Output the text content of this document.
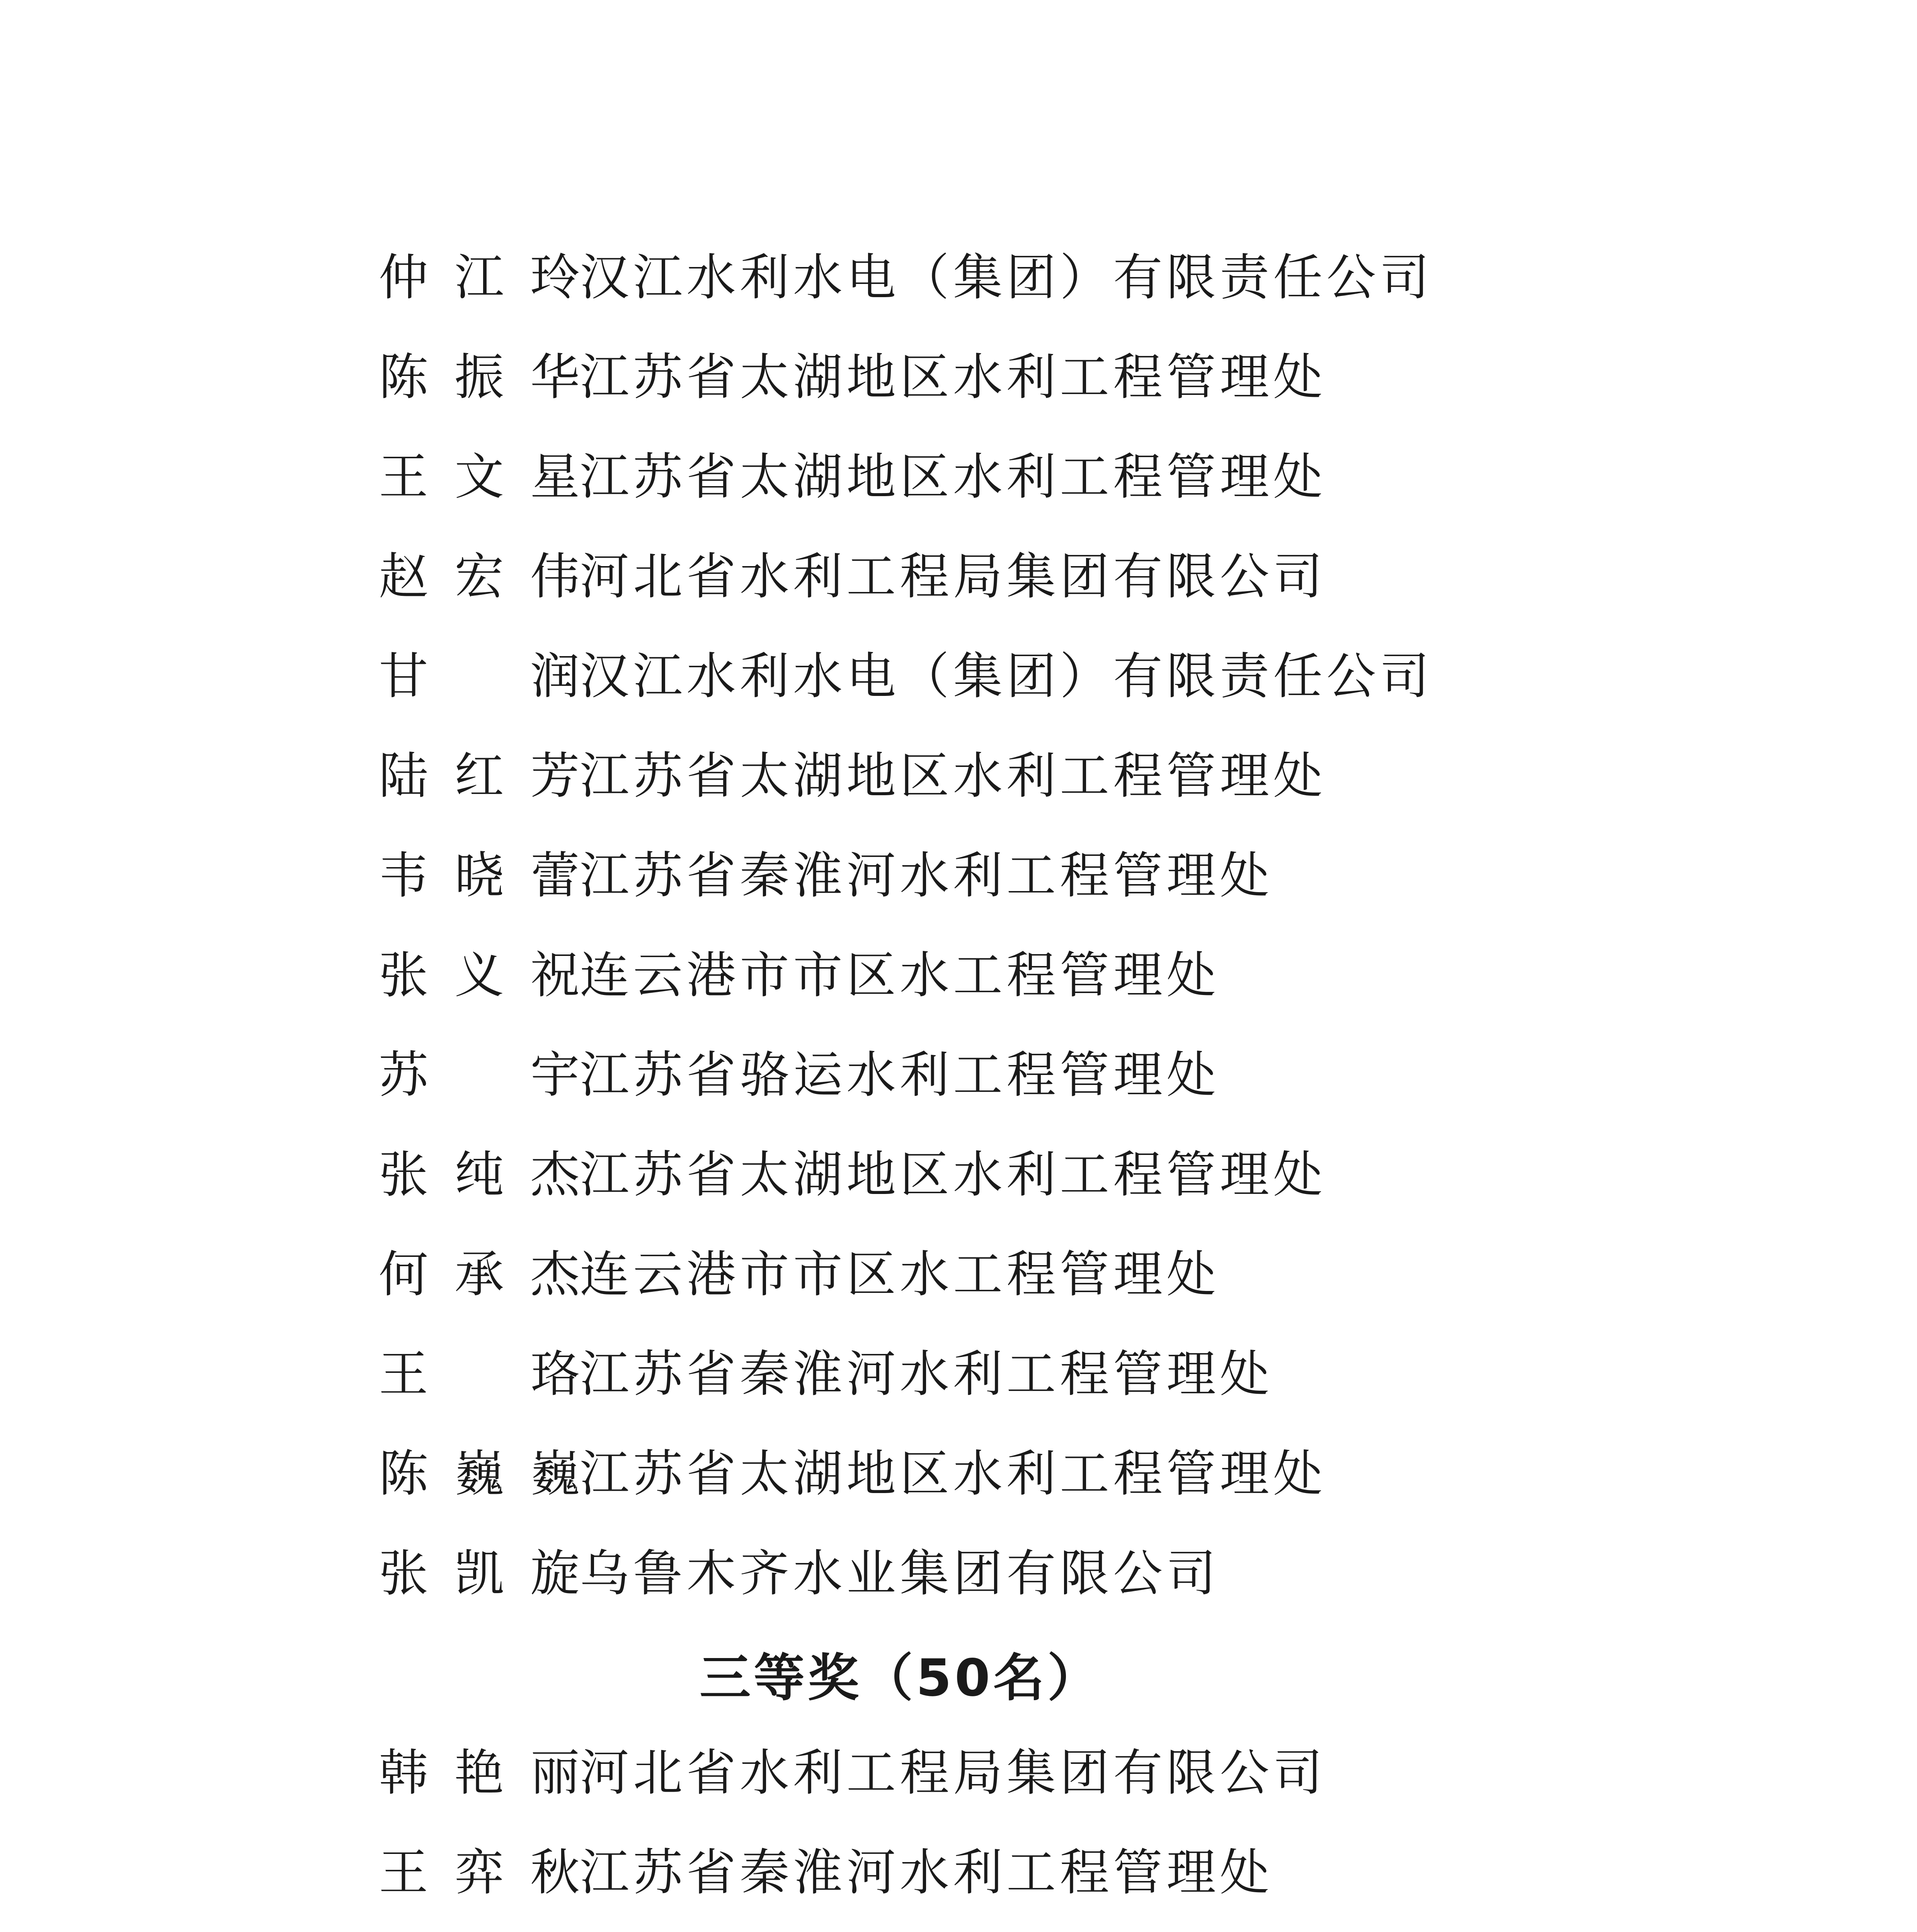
仲 江 玲 汉江水利水电（集团）有限责任公司
陈 振 华 江苏省太湖地区水利工程管理处
王 文 星 江苏省太湖地区水利工程管理处
赵 宏 伟 河北省水利工程局集团有限公司
甘 润 汉江水利水电（集团）有限责任公司
陆 红 芳 江苏省太湖地区水利工程管理处
韦 晓 蕾 江苏省秦淮河水利工程管理处
张 义 祝 连云港市市区水工程管理处
苏 宇 江苏省骆运水利工程管理处
张 纯 杰 江苏省太湖地区水利工程管理处
何 承 杰 连云港市市区水工程管理处
王 珞 江苏省秦淮河水利工程管理处
陈 巍 巍 江苏省太湖地区水利工程管理处
张 凯 旋 乌鲁木齐水业集团有限公司
三等奖（50名）
韩 艳 丽 河北省水利工程局集团有限公司
王 弈 秋 江苏省秦淮河水利工程管理处
